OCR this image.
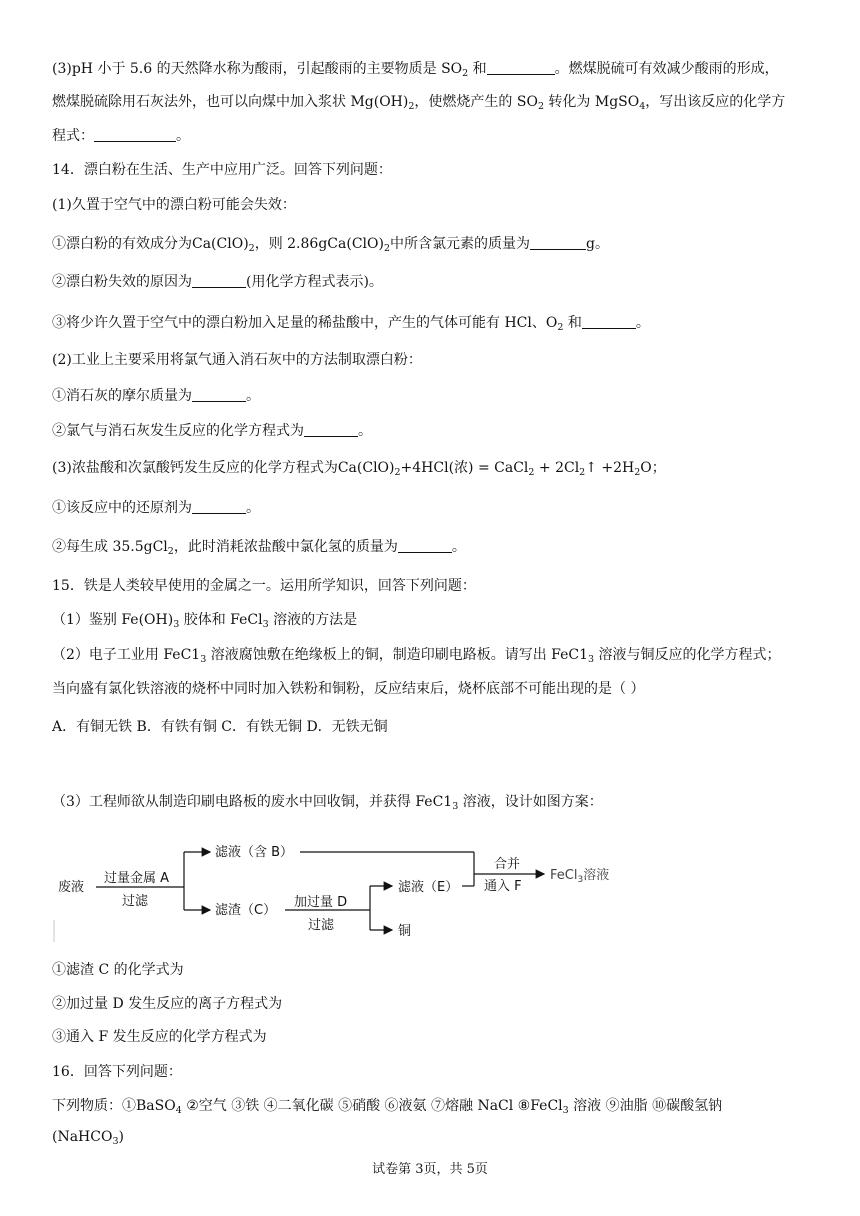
(3)pH 小于 5.6 的天然降水称为酸雨，引起酸雨的主要物质是 $SO_2$ 和	。燃煤脱硫可有效减少酸雨的形成，
燃煤脱硫除用石灰法外，也可以向煤中加入浆状 $Mg(OH)_2$，使燃烧产生的 $SO_2$ 转化为 MgSO$_4$，写出该反应的化学方
程式：	。
14．漂白粉在生活、生产中应用广泛。回答下列问题：
(1)久置于空气中的漂白粉可能会失效：
①漂白粉的有效成分为$Ca(ClO)_2$，则 $2.86gCa(ClO)_2$中所含氯元素的质量为	g。
②漂白粉失效的原因为	(用化学方程式表示)。
③将少许久置于空气中的漂白粉加入足量的稀盐酸中，产生的气体可能有 HCl、$O_2$ 和	。
(2)工业上主要采用将氯气通入消石灰中的方法制取漂白粉：
①消石灰的摩尔质量为	。
②氯气与消石灰发生反应的化学方程式为	。
(3)浓盐酸和次氯酸钙发生反应的化学方程式为$Ca(ClO)_2+4HCl$(浓) = CaCl$_2$ + $2Cl_2↑ +2H_2O$；
①该反应中的还原剂为	。
②每生成 35.5gCl$_2$，此时消耗浓盐酸中氯化氢的质量为	。
15．铁是人类较早使用的金属之一。运用所学知识，回答下列问题：
（1）鉴别 $Fe(OH)_3$ 胶体和 FeCl$_3$ 溶液的方法是
（2）电子工业用 $FeC1_3$ 溶液腐蚀敷在绝缘板上的铜，制造印刷电路板。请写出 $FeC1_3$ 溶液与铜反应的化学方程式；
当向盛有氯化铁溶液的烧杯中同时加入铁粉和铜粉，反应结束后，烧杯底部不可能出现的是（ ）
A．有铜无铁 B．有铁有铜 C．有铁无铜 D．无铁无铜
（3）工程师欲从制造印刷电路板的废水中回收铜，并获得 $FeC1_3$ 溶液，设计如图方案：
废液
过量金属 A
过滤
滤液（含 B）
滤渣（C）
加过量 D
过滤
滤液（E）
铜
合并
通入 F
FeCl$_3$溶液
①滤渣 C 的化学式为
②加过量 D 发生反应的离子方程式为
③通入 F 发生反应的化学方程式为
16．回答下列问题：
下列物质：①BaSO$_4$ ②空气 ③铁 ④二氧化碳 ⑤硝酸 ⑥液氨 ⑦熔融 NaCl ⑧FeCl$_3$ 溶液 ⑨油脂 ⑩碳酸氢钠
(NaHCO$_3$)
试卷第 3页，共 5页
